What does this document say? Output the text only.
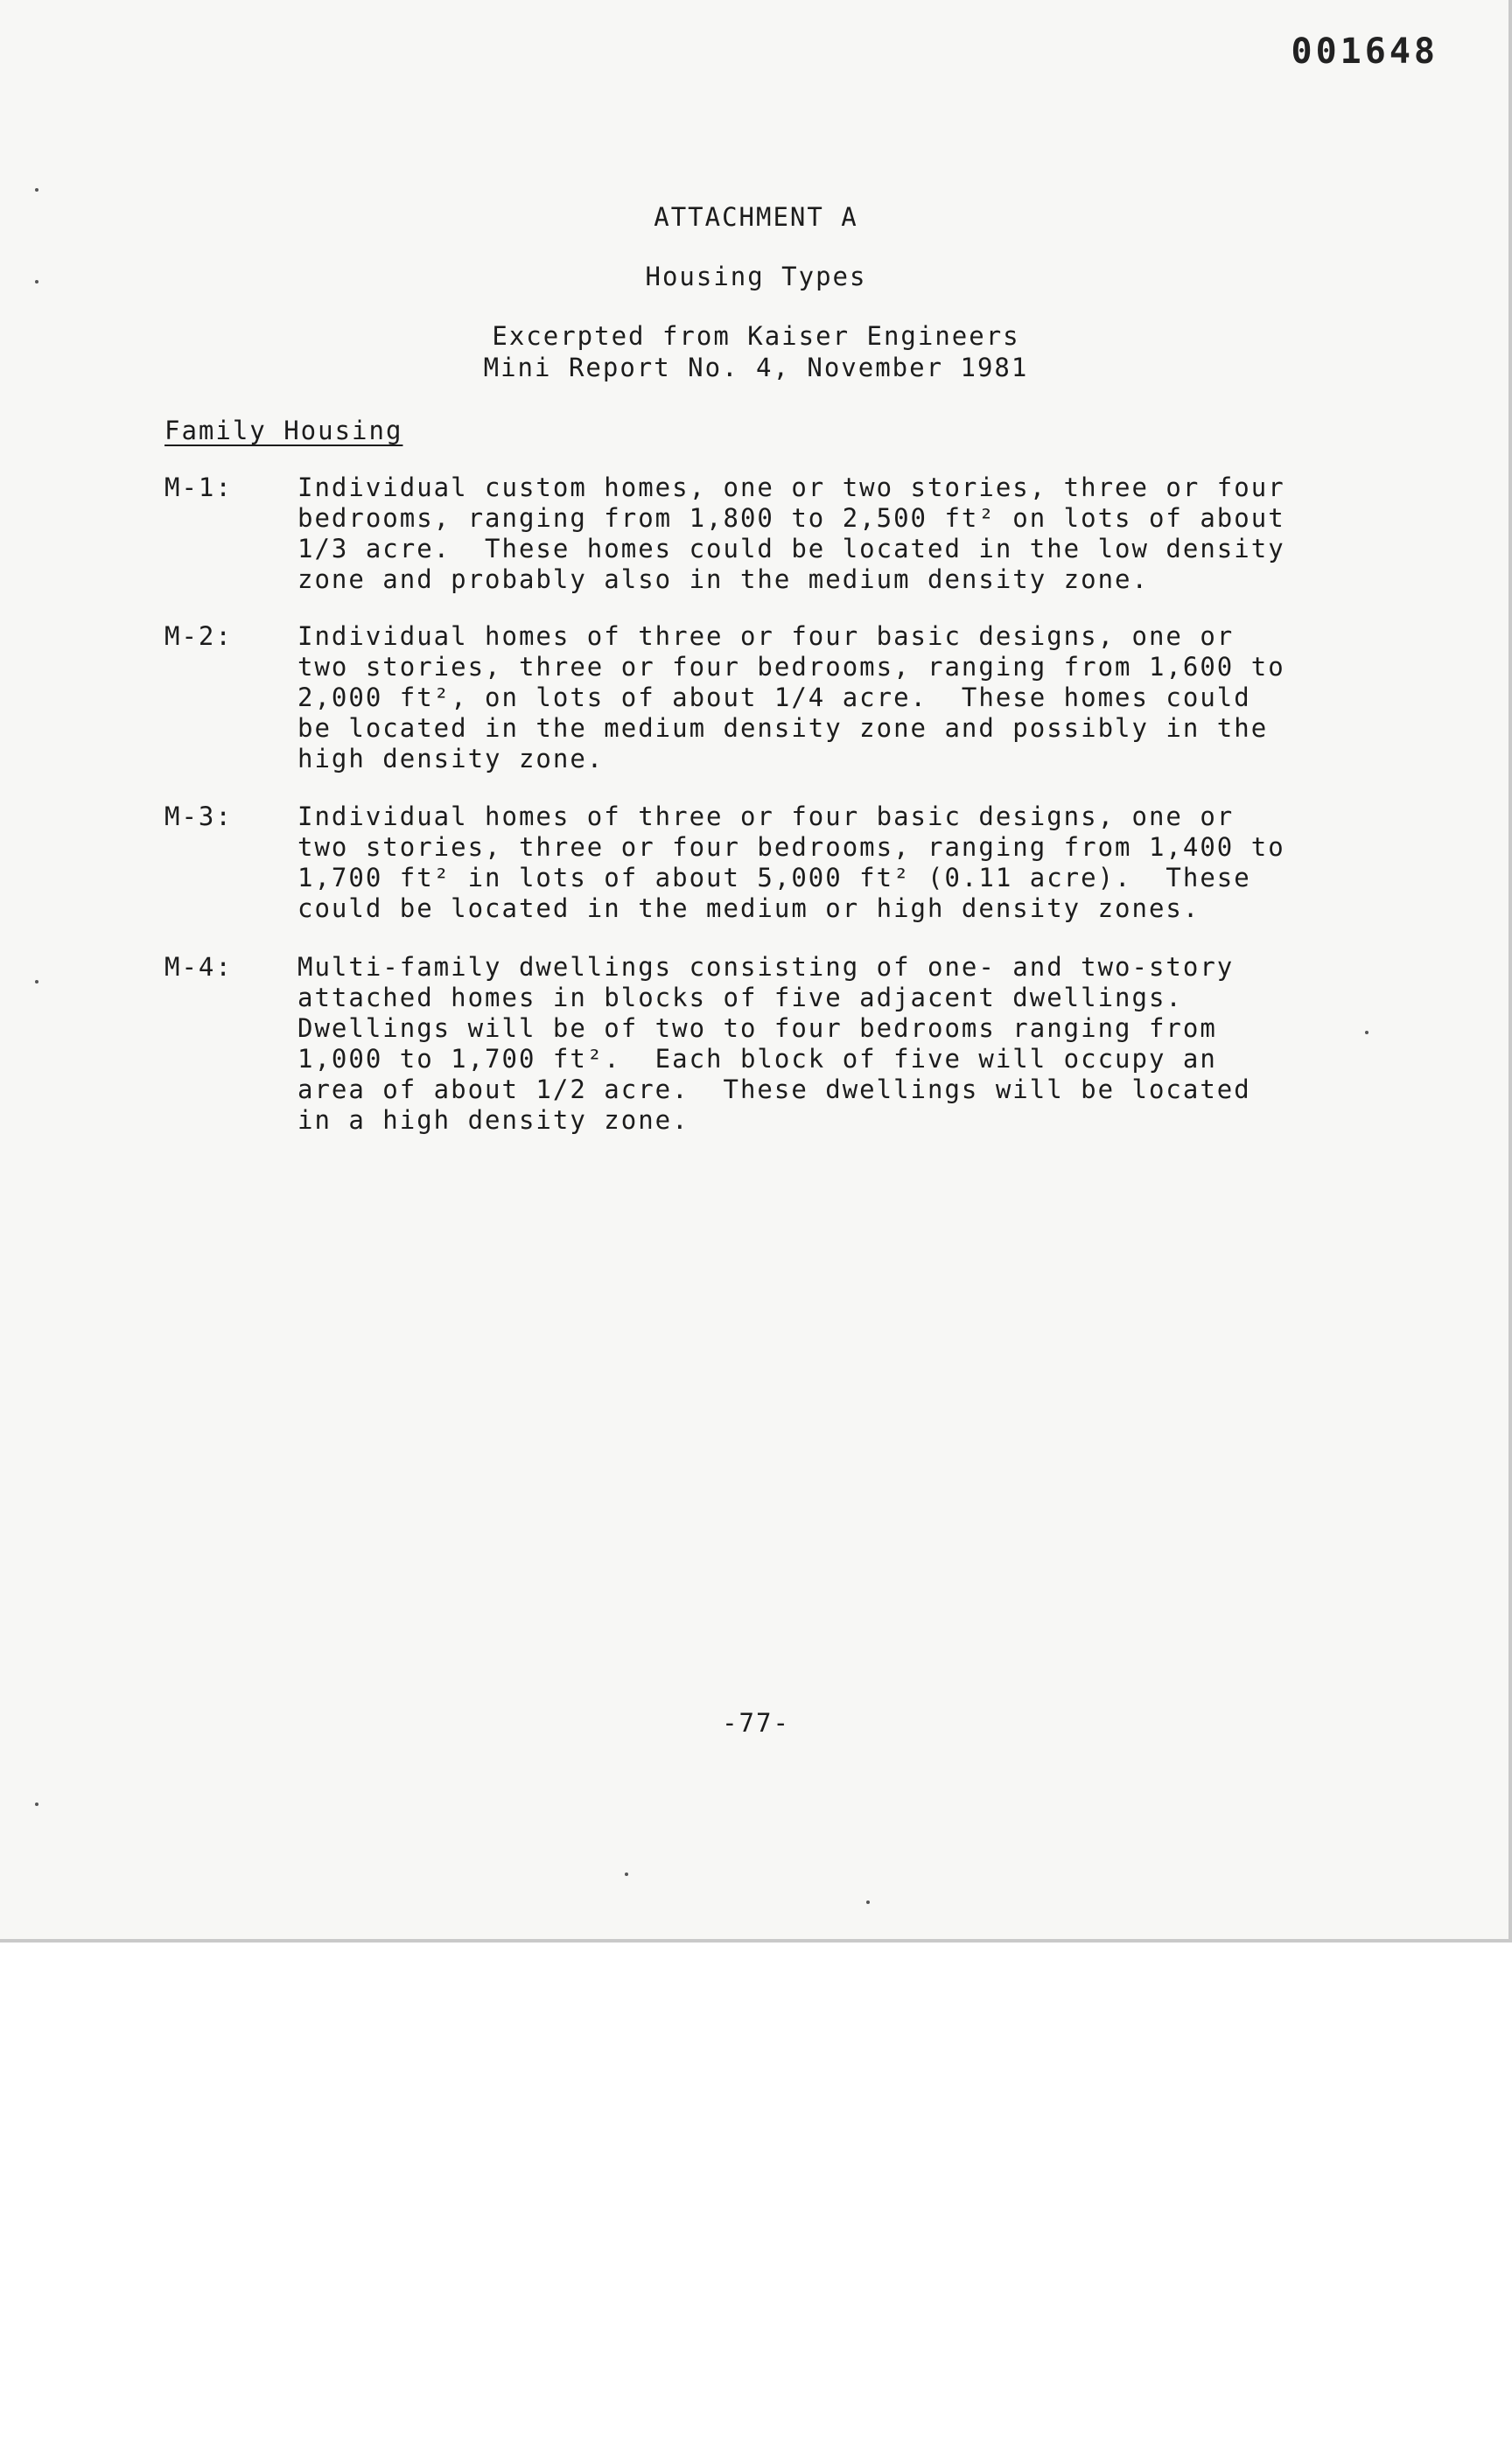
001648
ATTACHMENT A
Housing Types
Excerpted from Kaiser Engineers
Mini Report No. 4, November 1981
Family Housing
M-1:	Individual custom homes, one or two stories, three or four
bedrooms, ranging from 1,800 to 2,500 ft² on lots of about
1/3 acre.  These homes could be located in the low density
zone and probably also in the medium density zone.
M-2:	Individual homes of three or four basic designs, one or
two stories, three or four bedrooms, ranging from 1,600 to
2,000 ft², on lots of about 1/4 acre.  These homes could
be located in the medium density zone and possibly in the
high density zone.
M-3:	Individual homes of three or four basic designs, one or
two stories, three or four bedrooms, ranging from 1,400 to
1,700 ft² in lots of about 5,000 ft² (0.11 acre).  These
could be located in the medium or high density zones.
M-4:	Multi-family dwellings consisting of one- and two-story
attached homes in blocks of five adjacent dwellings.
Dwellings will be of two to four bedrooms ranging from
1,000 to 1,700 ft².  Each block of five will occupy an
area of about 1/2 acre.  These dwellings will be located
in a high density zone.
-77-
